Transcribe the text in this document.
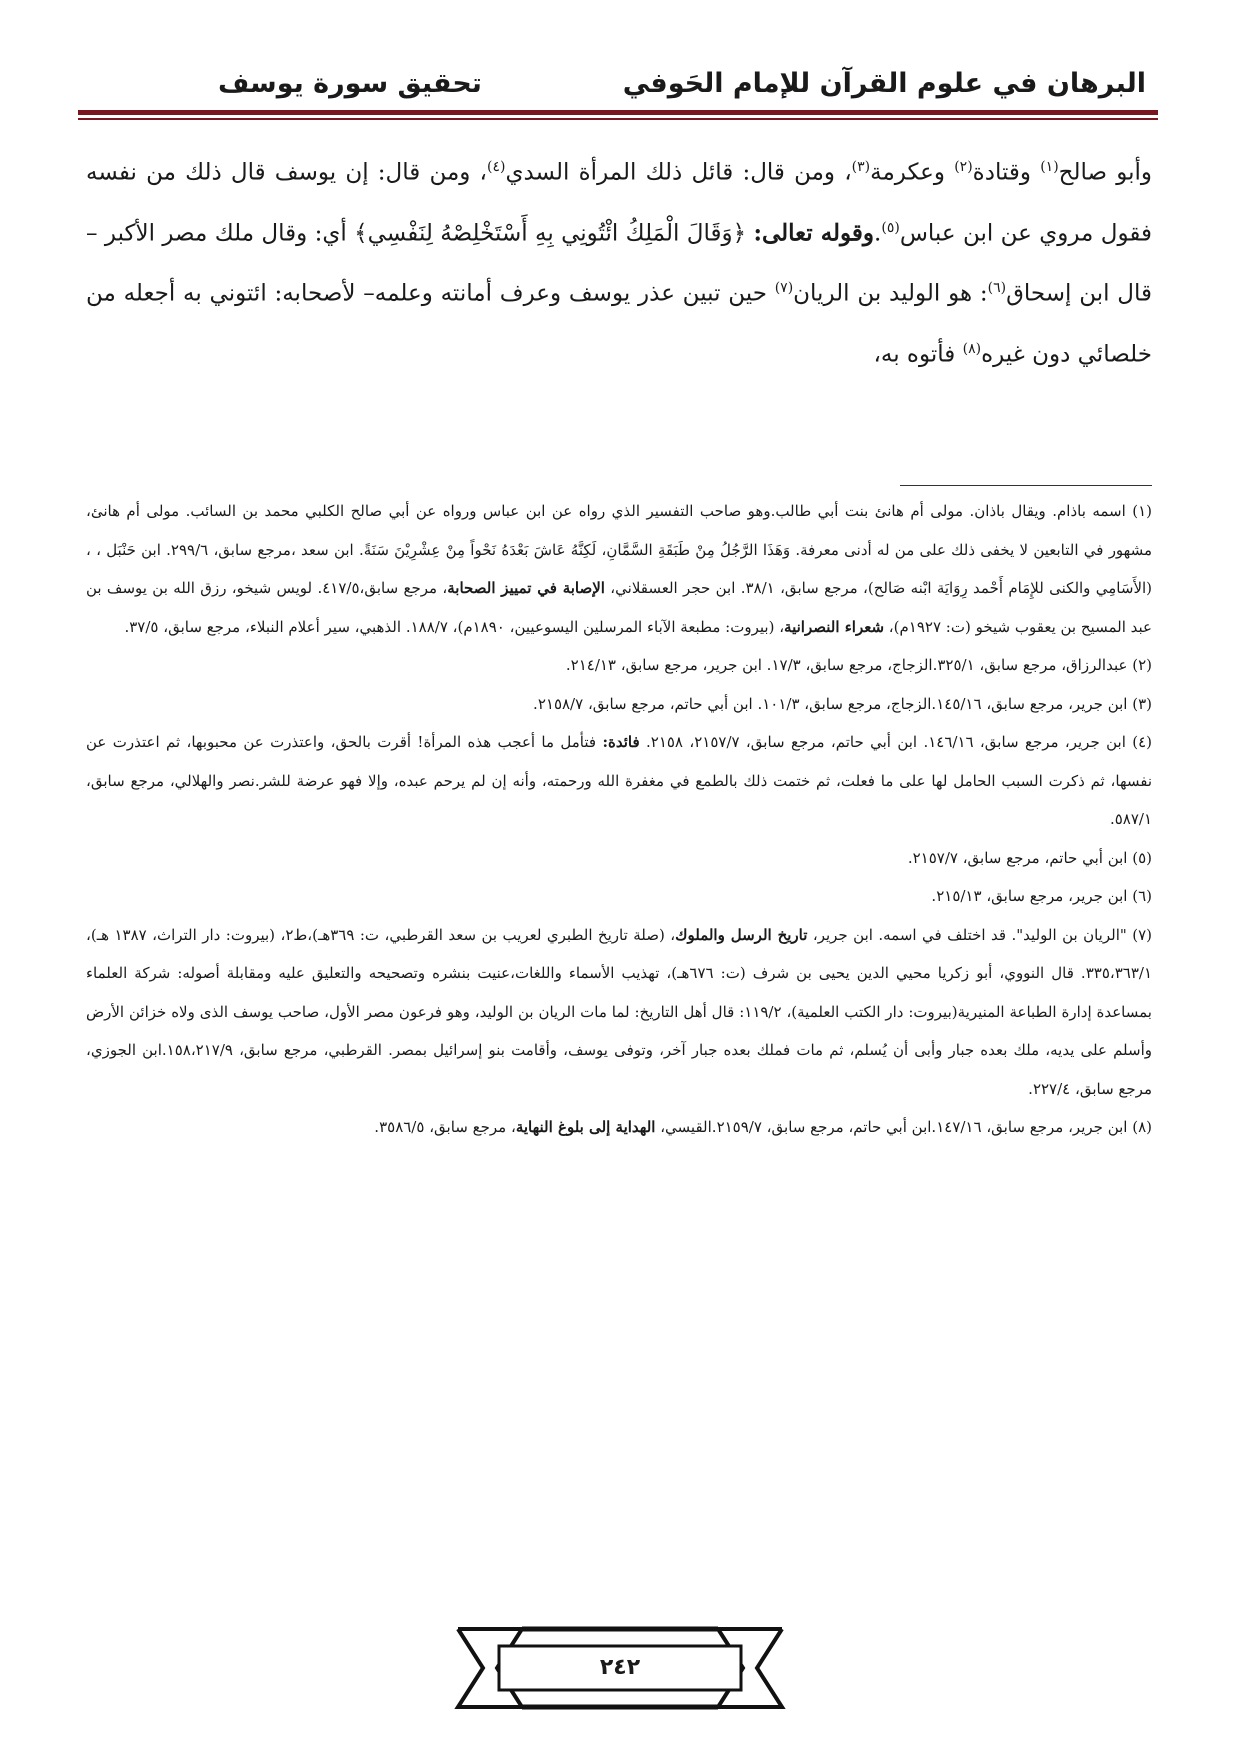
البرهان في علوم القرآن للإمام الحَوفي
تحقيق سورة يوسف

وأبو صالح$^{(١)}$ وقتادة$^{(٢)}$ وعكرمة$^{(٣)}$، ومن قال: قائل ذلك المرأة السدي$^{(٤)}$، ومن قال: إن يوسف قال ذلك من نفسه فقول مروي عن ابن عباس$^{(٥)}$.وقوله تعالى: ﴿وَقَالَ الْمَلِكُ ائْتُونِي بِهِ أَسْتَخْلِصْهُ لِنَفْسِي﴾ أي: وقال ملك مصر الأكبر – قال ابن إسحاق$^{(٦)}$: هو الوليد بن الريان$^{(٧)}$ حين تبين عذر يوسف وعرف أمانته وعلمه– لأصحابه: ائتوني به أجعله من خلصائي دون غيره$^{(٨)}$ فأتوه به،

(١) اسمه باذام. ويقال باذان. مولى أم هانئ بنت أبي طالب.وهو صاحب التفسير الذي رواه عن ابن عباس ورواه عن أبي صالح الكلبي محمد بن السائب. مولى أم هانئ، مشهور في التابعين لا يخفى ذلك على من له أدنى معرفة. وَهَذَا الرَّجُلُ مِنْ طَبَقَةِ السَّمَّانِ، لَكِنَّهُ عَاشَ بَعْدَهُ نَحْواً مِنْ عِشْرِيْنَ سَنَةً. ابن سعد ،مرجع سابق، ٢٩٩/٦. ابن حَنْبَل ، ،(الأَسَامِي والكنى للإِمَام أَحْمد رِوَايَة ابْنه صَالح)، مرجع سابق، ٣٨/١. ابن حجر العسقلاني، الإصابة في تمييز الصحابة، مرجع سابق،٤١٧/٥. لويس شيخو، رزق الله بن يوسف بن عبد المسيح بن يعقوب شيخو (ت: ١٩٢٧م)، شعراء النصرانية، (بيروت: مطبعة الآباء المرسلين اليسوعيين، ١٨٩٠م)، ١٨٨/٧. الذهبي، سير أعلام النبلاء، مرجع سابق، ٣٧/٥.

(٢) عبدالرزاق، مرجع سابق، ٣٢٥/١.الزجاج، مرجع سابق، ١٧/٣. ابن جرير، مرجع سابق، ٢١٤/١٣.

(٣) ابن جرير، مرجع سابق، ١٤٥/١٦.الزجاج، مرجع سابق، ١٠١/٣. ابن أبي حاتم، مرجع سابق، ٢١٥٨/٧.

(٤) ابن جرير، مرجع سابق، ١٤٦/١٦. ابن أبي حاتم، مرجع سابق، ٢١٥٧/٧، ٢١٥٨. فائدة: فتأمل ما أعجب هذه المرأة! أقرت بالحق، واعتذرت عن محبوبها، ثم اعتذرت عن نفسها، ثم ذكرت السبب الحامل لها على ما فعلت، ثم ختمت ذلك بالطمع في مغفرة الله ورحمته، وأنه إن لم يرحم عبده، وإلا فهو عرضة للشر.نصر والهلالي، مرجع سابق، ٥٨٧/١.

(٥) ابن أبي حاتم، مرجع سابق، ٢١٥٧/٧.

(٦) ابن جرير، مرجع سابق، ٢١٥/١٣.

(٧) "الريان بن الوليد". قد اختلف في اسمه. ابن جرير، تاريخ الرسل والملوك، (صلة تاريخ الطبري لعريب بن سعد القرطبي، ت: ٣٦٩هـ)،ط٢، (بيروت: دار التراث، ١٣٨٧ هـ)، ٣٣٥،٣٦٣/١. قال النووي، أبو زكريا محيي الدين يحيى بن شرف (ت: ٦٧٦هـ)، تهذيب الأسماء واللغات،عنيت بنشره وتصحيحه والتعليق عليه ومقابلة أصوله: شركة العلماء بمساعدة إدارة الطباعة المنيرية(بيروت: دار الكتب العلمية)، ١١٩/٢: قال أهل التاريخ: لما مات الريان بن الوليد، وهو فرعون مصر الأول، صاحب يوسف الذى ولاه خزائن الأرض وأسلم على يديه، ملك بعده جبار وأبى أن يُسلم، ثم مات فملك بعده جبار آخر، وتوفى يوسف، وأقامت بنو إسرائيل بمصر. القرطبي، مرجع سابق، ١٥٨،٢١٧/٩.ابن الجوزي، مرجع سابق، ٢٢٧/٤.

(٨) ابن جرير، مرجع سابق، ١٤٧/١٦.ابن أبي حاتم، مرجع سابق، ٢١٥٩/٧.القيسي، الهداية إلى بلوغ النهاية، مرجع سابق، ٣٥٨٦/٥.

٢٤٢
